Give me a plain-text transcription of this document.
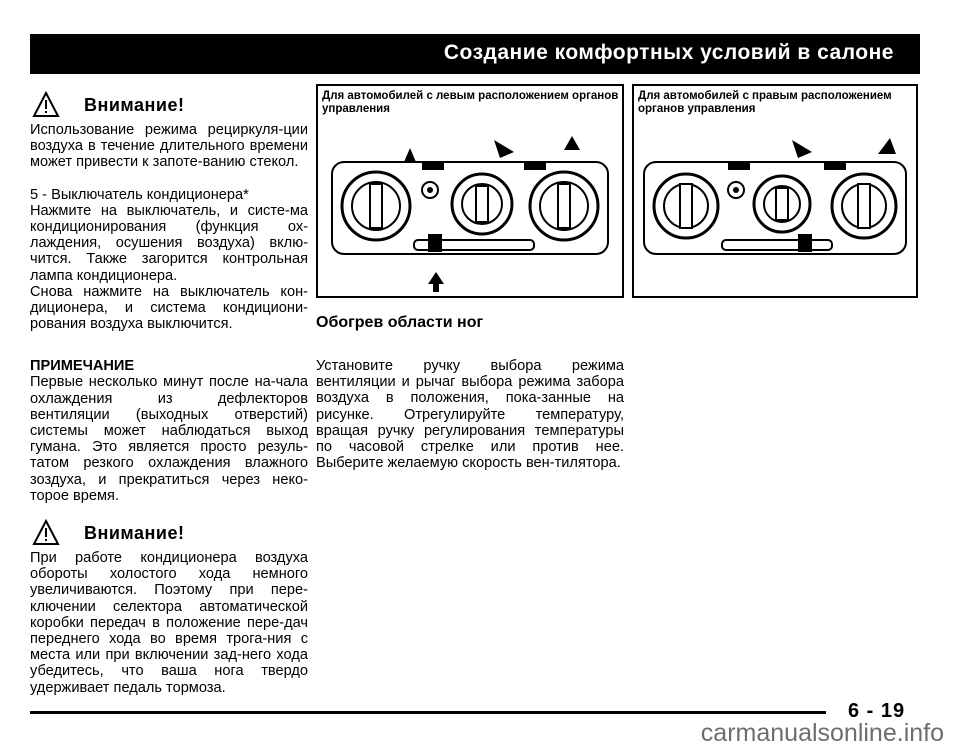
Создание комфортных условий в салоне
Внимание!

Использование режима рециркуля-ции воздуха в течение длительного времени может привести к запоте-ванию стекол.

5 - Выключатель кондиционера*

Нажмите на выключатель, и систе-ма кондиционирования (функция ох-лаждения, осушения воздуха) вклю-чится. Также загорится контрольная лампа кондиционера.

Снова нажмите на выключатель кон-диционера, и система кондициони-рования воздуха выключится.

ПРИМЕЧАНИЕ

Первые несколько минут после на-чала охлаждения из дефлекторов вентиляции (выходных отверстий) системы может наблюдаться выход гумана. Это является просто резуль-татом резкого охлаждения влажного зоздуха, и прекратиться через неко-торое время.

Внимание!

При работе кондиционера воздуха обороты холостого хода немного увеличиваются. Поэтому при пере-ключении селектора автоматической коробки передач в положение пере-дач переднего хода во время трога-ния с места или при включении зад-него хода убедитесь, что ваша нога твердо удерживает педаль тормоза.

Для автомобилей с левым расположением органов управления
Обогрев области ног

Установите ручку выбора режима вентиляции и рычаг выбора режима забора воздуха в положения, пока-занные на рисунке. Отрегулируйте температуру, вращая ручку регулирования температуры по часовой стрелке или против нее. Выберите желаемую скорость вен-тилятора.

Для автомобилей с правым расположением органов управления
6 - 19
carmanualsonline.info
